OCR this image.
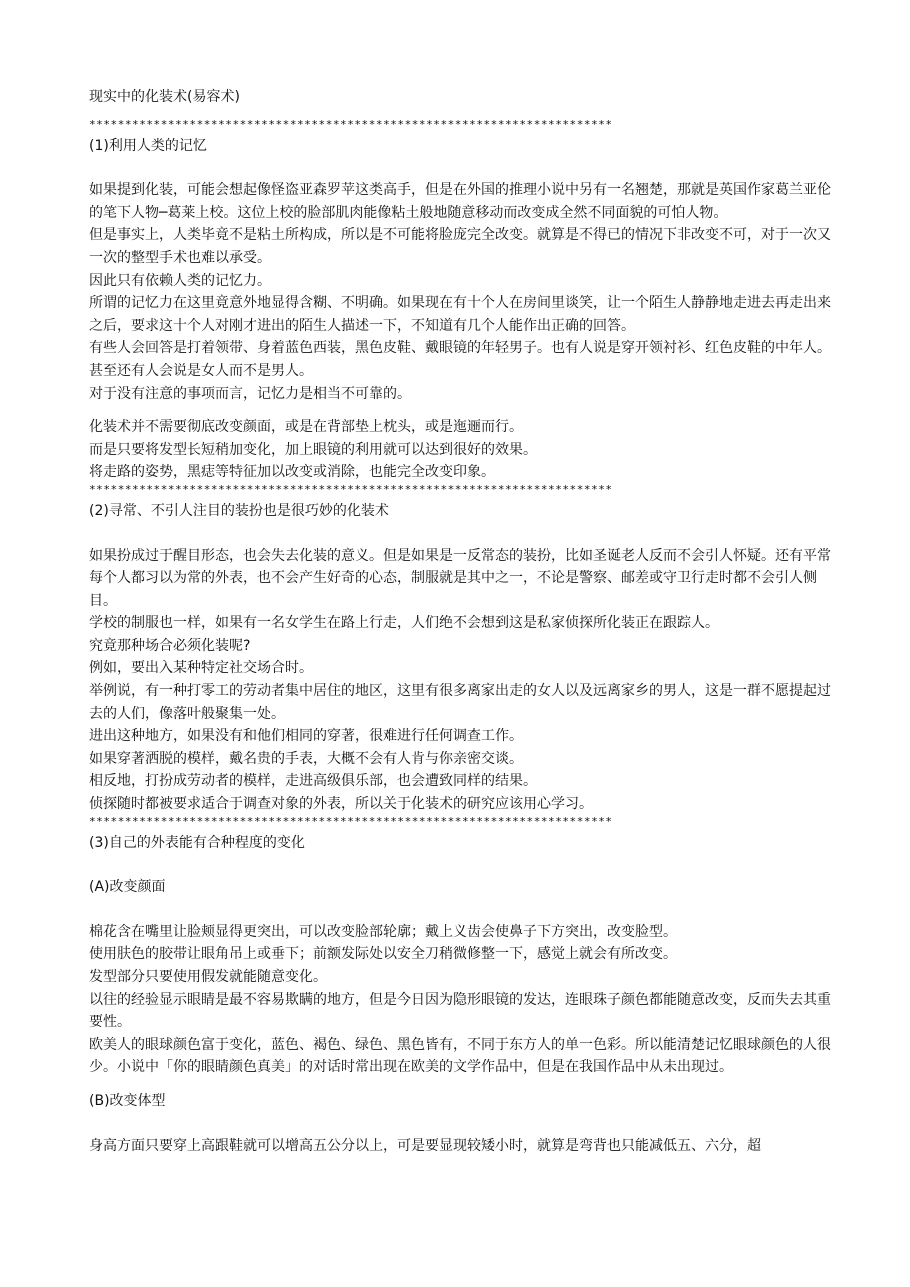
现实中的化装术(易容术)

*************************************************************************

(1)利用人类的记忆

如果提到化装，可能会想起像怪盗亚森罗苹这类高手，但是在外国的推理小说中另有一名翘楚，那就是英国作家葛兰亚伦的笔下人物─葛莱上校。这位上校的脸部肌肉能像粘土般地随意移动而改变成全然不同面貌的可怕人物。

但是事实上，人类毕竟不是粘土所构成，所以是不可能将脸庞完全改变。就算是不得已的情况下非改变不可，对于一次又一次的整型手术也难以承受。

因此只有依赖人类的记忆力。

所谓的记忆力在这里竟意外地显得含糊、不明确。如果现在有十个人在房间里谈笑，让一个陌生人静静地走进去再走出来之后，要求这十个人对刚才进出的陌生人描述一下，不知道有几个人能作出正确的回答。

有些人会回答是打着领带、身着蓝色西装，黑色皮鞋、戴眼镜的年轻男子。也有人说是穿开领衬衫、红色皮鞋的中年人。甚至还有人会说是女人而不是男人。

对于没有注意的事项而言，记忆力是相当不可靠的。

化装术并不需要彻底改变颜面，或是在背部垫上枕头，或是迤逦而行。

而是只要将发型长短稍加变化，加上眼镜的利用就可以达到很好的效果。

将走路的姿势，黑痣等特征加以改变或消除，也能完全改变印象。

*************************************************************************

(2)寻常、不引人注目的装扮也是很巧妙的化装术

如果扮成过于醒目形态，也会失去化装的意义。但是如果是一反常态的装扮，比如圣诞老人反而不会引人怀疑。还有平常每个人都习以为常的外表，也不会产生好奇的心态，制服就是其中之一，不论是警察、邮差或守卫行走时都不会引人侧目。

学校的制服也一样，如果有一名女学生在路上行走，人们绝不会想到这是私家侦探所化装正在跟踪人。

究竟那种场合必须化装呢?

例如，要出入某种特定社交场合时。

举例说，有一种打零工的劳动者集中居住的地区，这里有很多离家出走的女人以及远离家乡的男人，这是一群不愿提起过去的人们，像落叶般聚集一处。

进出这种地方，如果没有和他们相同的穿著，很难进行任何调查工作。

如果穿著洒脱的模样，戴名贵的手表，大概不会有人肯与你亲密交谈。

相反地，打扮成劳动者的模样，走进高级俱乐部，也会遭致同样的结果。

侦探随时都被要求适合于调查对象的外表，所以关于化装术的研究应该用心学习。

*************************************************************************

(3)自己的外表能有合种程度的变化

(A)改变颜面

棉花含在嘴里让脸颊显得更突出，可以改变脸部轮廓；戴上义齿会使鼻子下方突出，改变脸型。

使用肤色的胶带让眼角吊上或垂下；前额发际处以安全刀稍微修整一下，感觉上就会有所改变。

发型部分只要使用假发就能随意变化。

以往的经验显示眼睛是最不容易欺瞒的地方，但是今日因为隐形眼镜的发达，连眼珠子颜色都能随意改变，反而失去其重要性。

欧美人的眼球颜色富于变化，蓝色、褐色、绿色、黑色皆有，不同于东方人的单一色彩。所以能清楚记忆眼球颜色的人很少。小说中「你的眼睛颜色真美」的对话时常出现在欧美的文学作品中，但是在我国作品中从未出现过。

(B)改变体型

身高方面只要穿上高跟鞋就可以增高五公分以上，可是要显现较矮小时，就算是弯背也只能减低五、六分，超
